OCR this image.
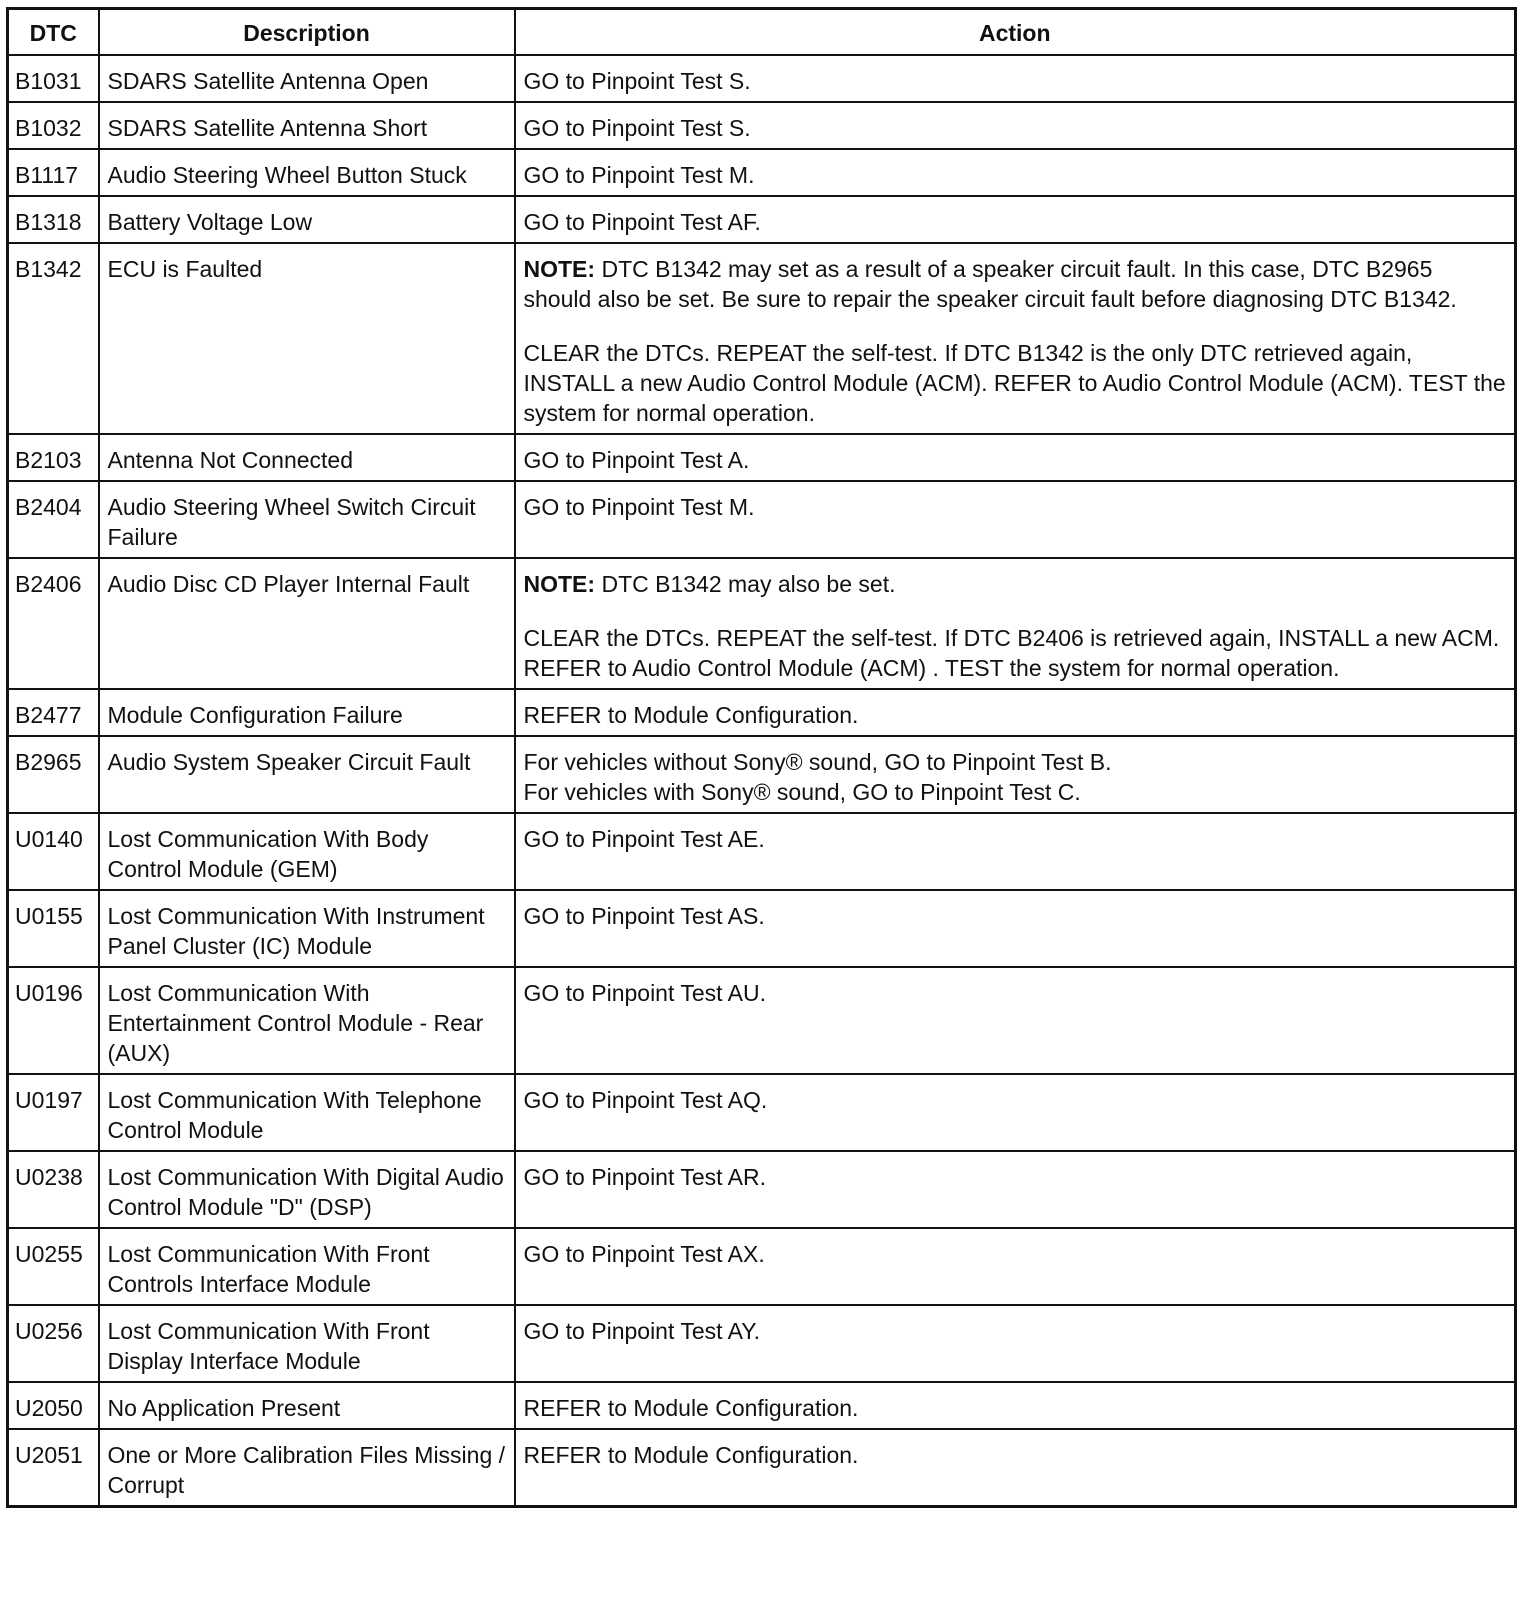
DTC	Description	Action
B1031	SDARS Satellite Antenna Open	GO to Pinpoint Test S.
B1032	SDARS Satellite Antenna Short	GO to Pinpoint Test S.
B1117	Audio Steering Wheel Button Stuck	GO to Pinpoint Test M.
B1318	Battery Voltage Low	GO to Pinpoint Test AF.
B1342	ECU is Faulted	NOTE: DTC B1342 may set as a result of a speaker circuit fault. In this case, DTC B2965 should also be set. Be sure to repair the speaker circuit fault before diagnosing DTC B1342.

CLEAR the DTCs. REPEAT the self-test. If DTC B1342 is the only DTC retrieved again, INSTALL a new Audio Control Module (ACM). REFER to Audio Control Module (ACM). TEST the system for normal operation.

B2103	Antenna Not Connected	GO to Pinpoint Test A.
B2404	Audio Steering Wheel Switch Circuit Failure	GO to Pinpoint Test M.
B2406	Audio Disc CD Player Internal Fault	NOTE: DTC B1342 may also be set.

CLEAR the DTCs. REPEAT the self-test. If DTC B2406 is retrieved again, INSTALL a new ACM. REFER to Audio Control Module (ACM) . TEST the system for normal operation.

B2477	Module Configuration Failure	REFER to Module Configuration.
B2965	Audio System Speaker Circuit Fault	For vehicles without Sony® sound, GO to Pinpoint Test B.
For vehicles with Sony® sound, GO to Pinpoint Test C.

U0140	Lost Communication With Body Control Module (GEM)	GO to Pinpoint Test AE.
U0155	Lost Communication With Instrument Panel Cluster (IC) Module	GO to Pinpoint Test AS.
U0196	Lost Communication With Entertainment Control Module - Rear (AUX)	GO to Pinpoint Test AU.
U0197	Lost Communication With Telephone Control Module	GO to Pinpoint Test AQ.
U0238	Lost Communication With Digital Audio Control Module "D" (DSP)	GO to Pinpoint Test AR.
U0255	Lost Communication With Front Controls Interface Module	GO to Pinpoint Test AX.
U0256	Lost Communication With Front Display Interface Module	GO to Pinpoint Test AY.
U2050	No Application Present	REFER to Module Configuration.
U2051	One or More Calibration Files Missing / Corrupt	REFER to Module Configuration.
